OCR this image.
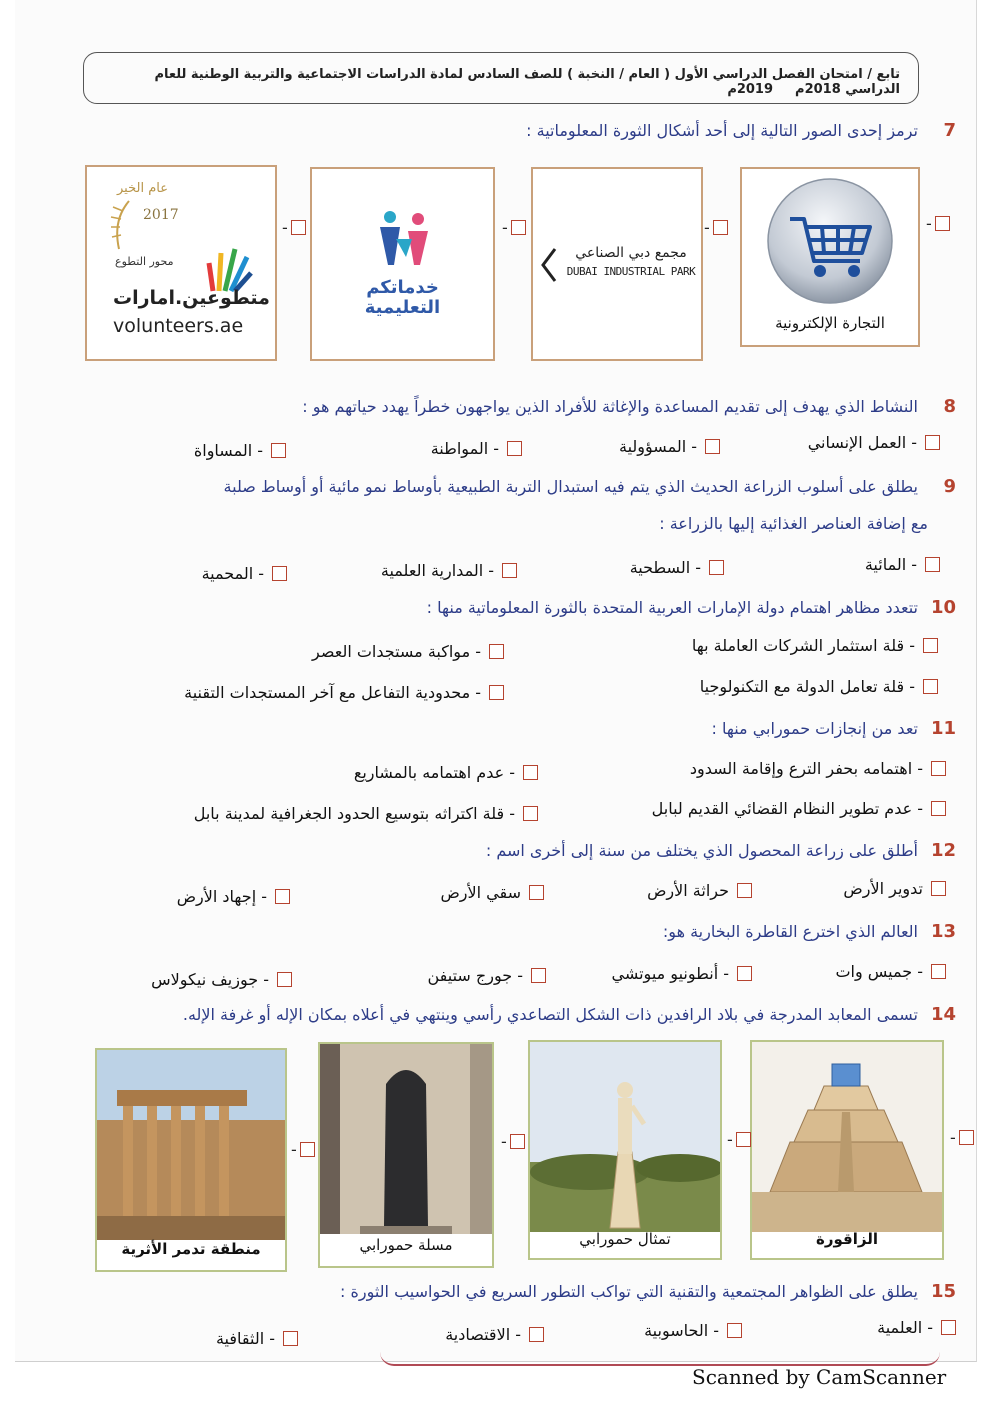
تابع / امتحان الفصل الدراسي الأول ( العام / النخبة ) للصف السادس لمادة الدراسات الاجتماعية والتربية الوطنية للعام الدراسي 2018م2019م
7
ترمز إحدى الصور التالية إلى أحد أشكال الثورة المعلوماتية :
-
التجارة الإلكترونية
-
مجمع دبي الصناعي
DUBAI INDUSTRIAL PARK
-
خدماتكم
التعليمية
-
عام الخير
2017
محور التطوع
متطوعين.امارات
volunteers.ae
8
النشاط الذي يهدف إلى تقديم المساعدة والإغاثة للأفراد الذين يواجهون خطراً يهدد حياتهم هو :
- العمل الإنساني
- المسؤولية
- المواطنة
- المساواة
9
يطلق على أسلوب الزراعة الحديث الذي يتم فيه استبدال التربة الطبيعية بأوساط نمو مائية أو أوساط صلبة
مع إضافة العناصر الغذائية إليها بالزراعة :
- المائية
- السطحية
- المدارية العلمية
- المحمية
10
تتعدد مظاهر اهتمام دولة الإمارات العربية المتحدة بالثورة المعلوماتية منها :
- قلة استثمار الشركات العاملة بها
- مواكبة مستجدات العصر
- قلة تعامل الدولة مع التكنولوجيا
- محدودية التفاعل مع آخر المستجدات التقنية
11
تعد من إنجازات حمورابي منها :
- اهتمامه بحفر الترع وإقامة السدود
- عدم اهتمامه بالمشاريع
- عدم تطوير النظام القضائي القديم لبابل
- قلة اكتراثه بتوسيع الحدود الجغرافية لمدينة بابل
12
أطلق على زراعة المحصول الذي يختلف من سنة إلى أخرى اسم :
تدوير الأرض
حراثة الأرض
سقي الأرض
- إجهاد الأرض
13
العالم الذي اخترع القاطرة البخارية هو:
- جميس وات
- أنطونيو ميوتشي
- جورج ستيفن
- جوزيف نيكولاس
14
تسمى المعابد المدرجة في بلاد الرافدين ذات الشكل التصاعدي رأسي وينتهي في أعلاه بمكان الإله أو غرفة الإله.
-
الزاقورة
-
تمثال حمورابي
-
مسلة حمورابي
-
منطقة تدمر الأثرية
15
يطلق على الظواهر المجتمعية والتقنية التي تواكب التطور السريع في الحواسيب الثورة :
- العلمية
- الحاسوبية
- الاقتصادية
- الثقافية
Scanned by CamScanner
